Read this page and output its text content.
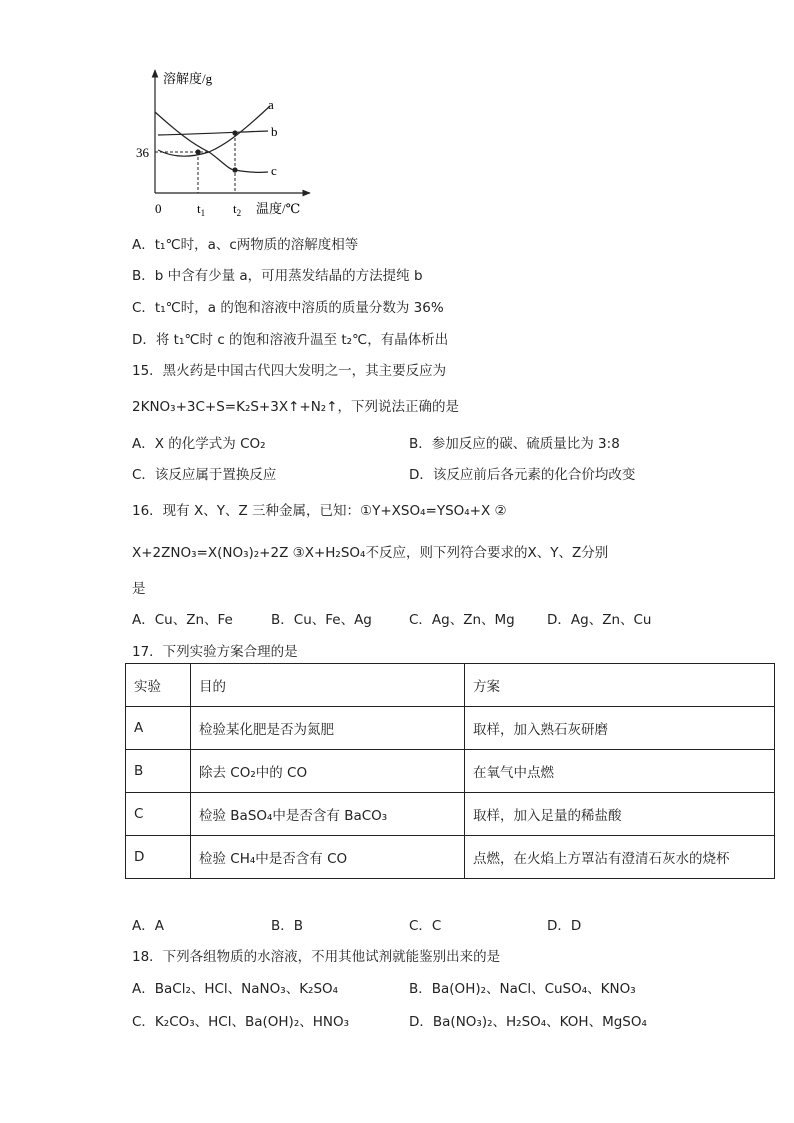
溶解度/g
温度/℃
36
0	$t_1$ $t_2$
a
b
c
A．t₁℃时，a、c两物质的溶解度相等
B．b 中含有少量 a，可用蒸发结晶的方法提纯 b
C．t₁℃时，a 的饱和溶液中溶质的质量分数为 36%
D．将 t₁℃时 c 的饱和溶液升温至 t₂℃，有晶体析出
15．黑火药是中国古代四大发明之一，其主要反应为
2KNO₃+3C+S=K₂S+3X↑+N₂↑，下列说法正确的是
A．X 的化学式为 CO₂	B．参加反应的碳、硫质量比为 3:8
C．该反应属于置换反应	D．该反应前后各元素的化合价均改变
16．现有 X、Y、Z 三种金属，已知：①Y+XSO₄=YSO₄+X ②
X+2ZNO₃=X(NO₃)₂+2Z ③X+H₂SO₄不反应，则下列符合要求的X、Y、Z分别
是
A．Cu、Zn、Fe	B．Cu、Fe、Ag	C．Ag、Zn、Mg D．Ag、Zn、Cu
17．下列实验方案合理的是
实验	目的	方案
A	检验某化肥是否为氮肥	取样，加入熟石灰研磨
B	除去 CO₂中的 CO	在氧气中点燃
C	检验 BaSO₄中是否含有 BaCO₃	取样，加入足量的稀盐酸
D	检验 CH₄中是否含有 CO	点燃，在火焰上方罩沾有澄清石灰水的烧杯
A．A	B．B	C．C	D．D
18．下列各组物质的水溶液，不用其他试剂就能鉴别出来的是
A．BaCl₂、HCl、NaNO₃、K₂SO₄	B．Ba(OH)₂、NaCl、CuSO₄、KNO₃
C．K₂CO₃、HCl、Ba(OH)₂、HNO₃	D．Ba(NO₃)₂、H₂SO₄、KOH、MgSO₄
